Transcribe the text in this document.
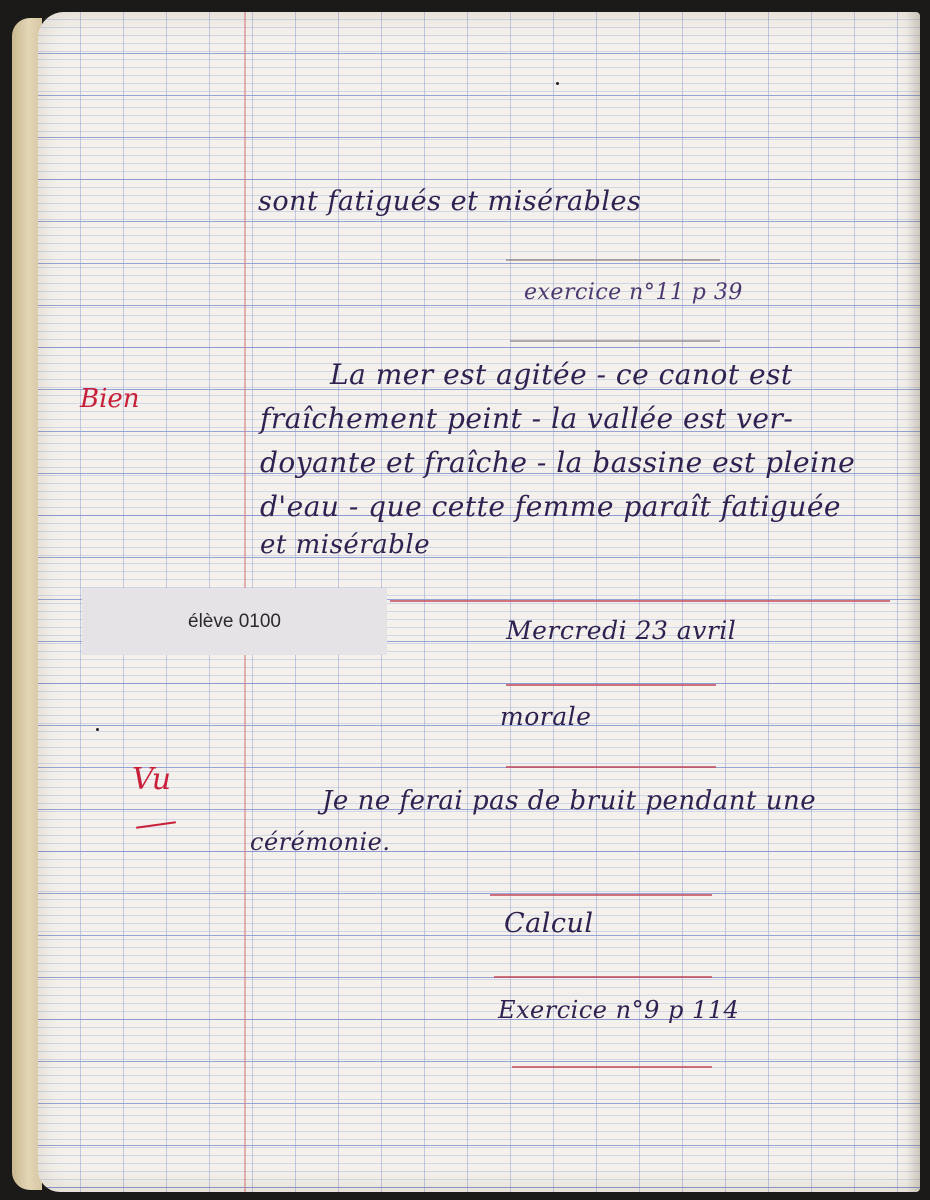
sont fatigués et misérables

exercice n°11 p 39

La mer est agitée - ce canot est

fraîchement peint - la vallée est ver-

doyante et fraîche - la bassine est pleine

d'eau - que cette femme paraît fatiguée

et misérable

Bien

Vu

élève 0100	Mercredi 23 avril

morale

Je ne ferai pas de bruit pendant une

cérémonie.

Calcul

Exercice n°9 p 114
